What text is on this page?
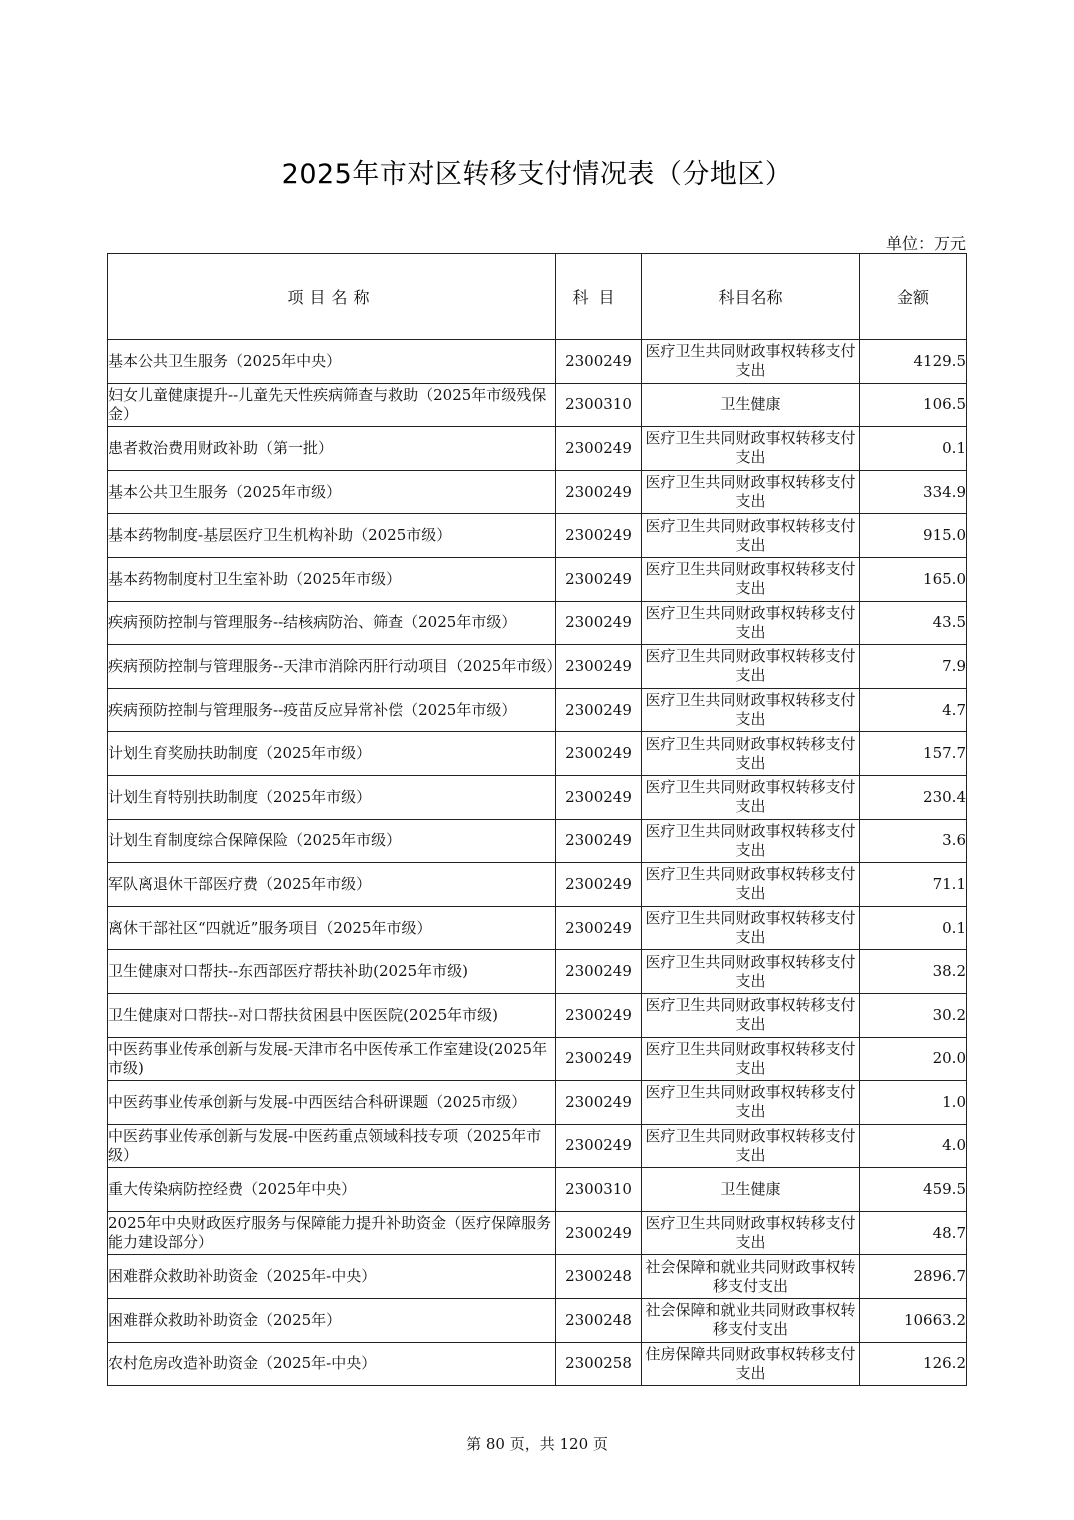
2025年市对区转移支付情况表（分地区）
单位：万元
项目名称	科目	科目名称	金额
基本公共卫生服务（2025年中央）	2300249	医疗卫生共同财政事权转移支付支出	4129.5
妇女儿童健康提升--儿童先天性疾病筛查与救助（2025年市级残保金）	2300310	卫生健康	106.5
患者救治费用财政补助（第一批）	2300249	医疗卫生共同财政事权转移支付支出	0.1
基本公共卫生服务（2025年市级）	2300249	医疗卫生共同财政事权转移支付支出	334.9
基本药物制度-基层医疗卫生机构补助（2025市级）	2300249	医疗卫生共同财政事权转移支付支出	915.0
基本药物制度村卫生室补助（2025年市级）	2300249	医疗卫生共同财政事权转移支付支出	165.0
疾病预防控制与管理服务--结核病防治、筛查（2025年市级）	2300249	医疗卫生共同财政事权转移支付支出	43.5
疾病预防控制与管理服务--天津市消除丙肝行动项目（2025年市级）	2300249	医疗卫生共同财政事权转移支付支出	7.9
疾病预防控制与管理服务--疫苗反应异常补偿（2025年市级）	2300249	医疗卫生共同财政事权转移支付支出	4.7
计划生育奖励扶助制度（2025年市级）	2300249	医疗卫生共同财政事权转移支付支出	157.7
计划生育特别扶助制度（2025年市级）	2300249	医疗卫生共同财政事权转移支付支出	230.4
计划生育制度综合保障保险（2025年市级）	2300249	医疗卫生共同财政事权转移支付支出	3.6
军队离退休干部医疗费（2025年市级）	2300249	医疗卫生共同财政事权转移支付支出	71.1
离休干部社区“四就近”服务项目（2025年市级）	2300249	医疗卫生共同财政事权转移支付支出	0.1
卫生健康对口帮扶--东西部医疗帮扶补助(2025年市级)	2300249	医疗卫生共同财政事权转移支付支出	38.2
卫生健康对口帮扶--对口帮扶贫困县中医医院(2025年市级)	2300249	医疗卫生共同财政事权转移支付支出	30.2
中医药事业传承创新与发展-天津市名中医传承工作室建设(2025年市级)	2300249	医疗卫生共同财政事权转移支付支出	20.0
中医药事业传承创新与发展-中西医结合科研课题（2025市级）	2300249	医疗卫生共同财政事权转移支付支出	1.0
中医药事业传承创新与发展-中医药重点领域科技专项（2025年市级）	2300249	医疗卫生共同财政事权转移支付支出	4.0
重大传染病防控经费（2025年中央）	2300310	卫生健康	459.5
2025年中央财政医疗服务与保障能力提升补助资金（医疗保障服务能力建设部分）	2300249	医疗卫生共同财政事权转移支付支出	48.7
困难群众救助补助资金（2025年-中央）	2300248	社会保障和就业共同财政事权转移支付支出	2896.7
困难群众救助补助资金（2025年）	2300248	社会保障和就业共同财政事权转移支付支出	10663.2
农村危房改造补助资金（2025年-中央）	2300258	住房保障共同财政事权转移支付支出	126.2
第 80 页，共 120 页
